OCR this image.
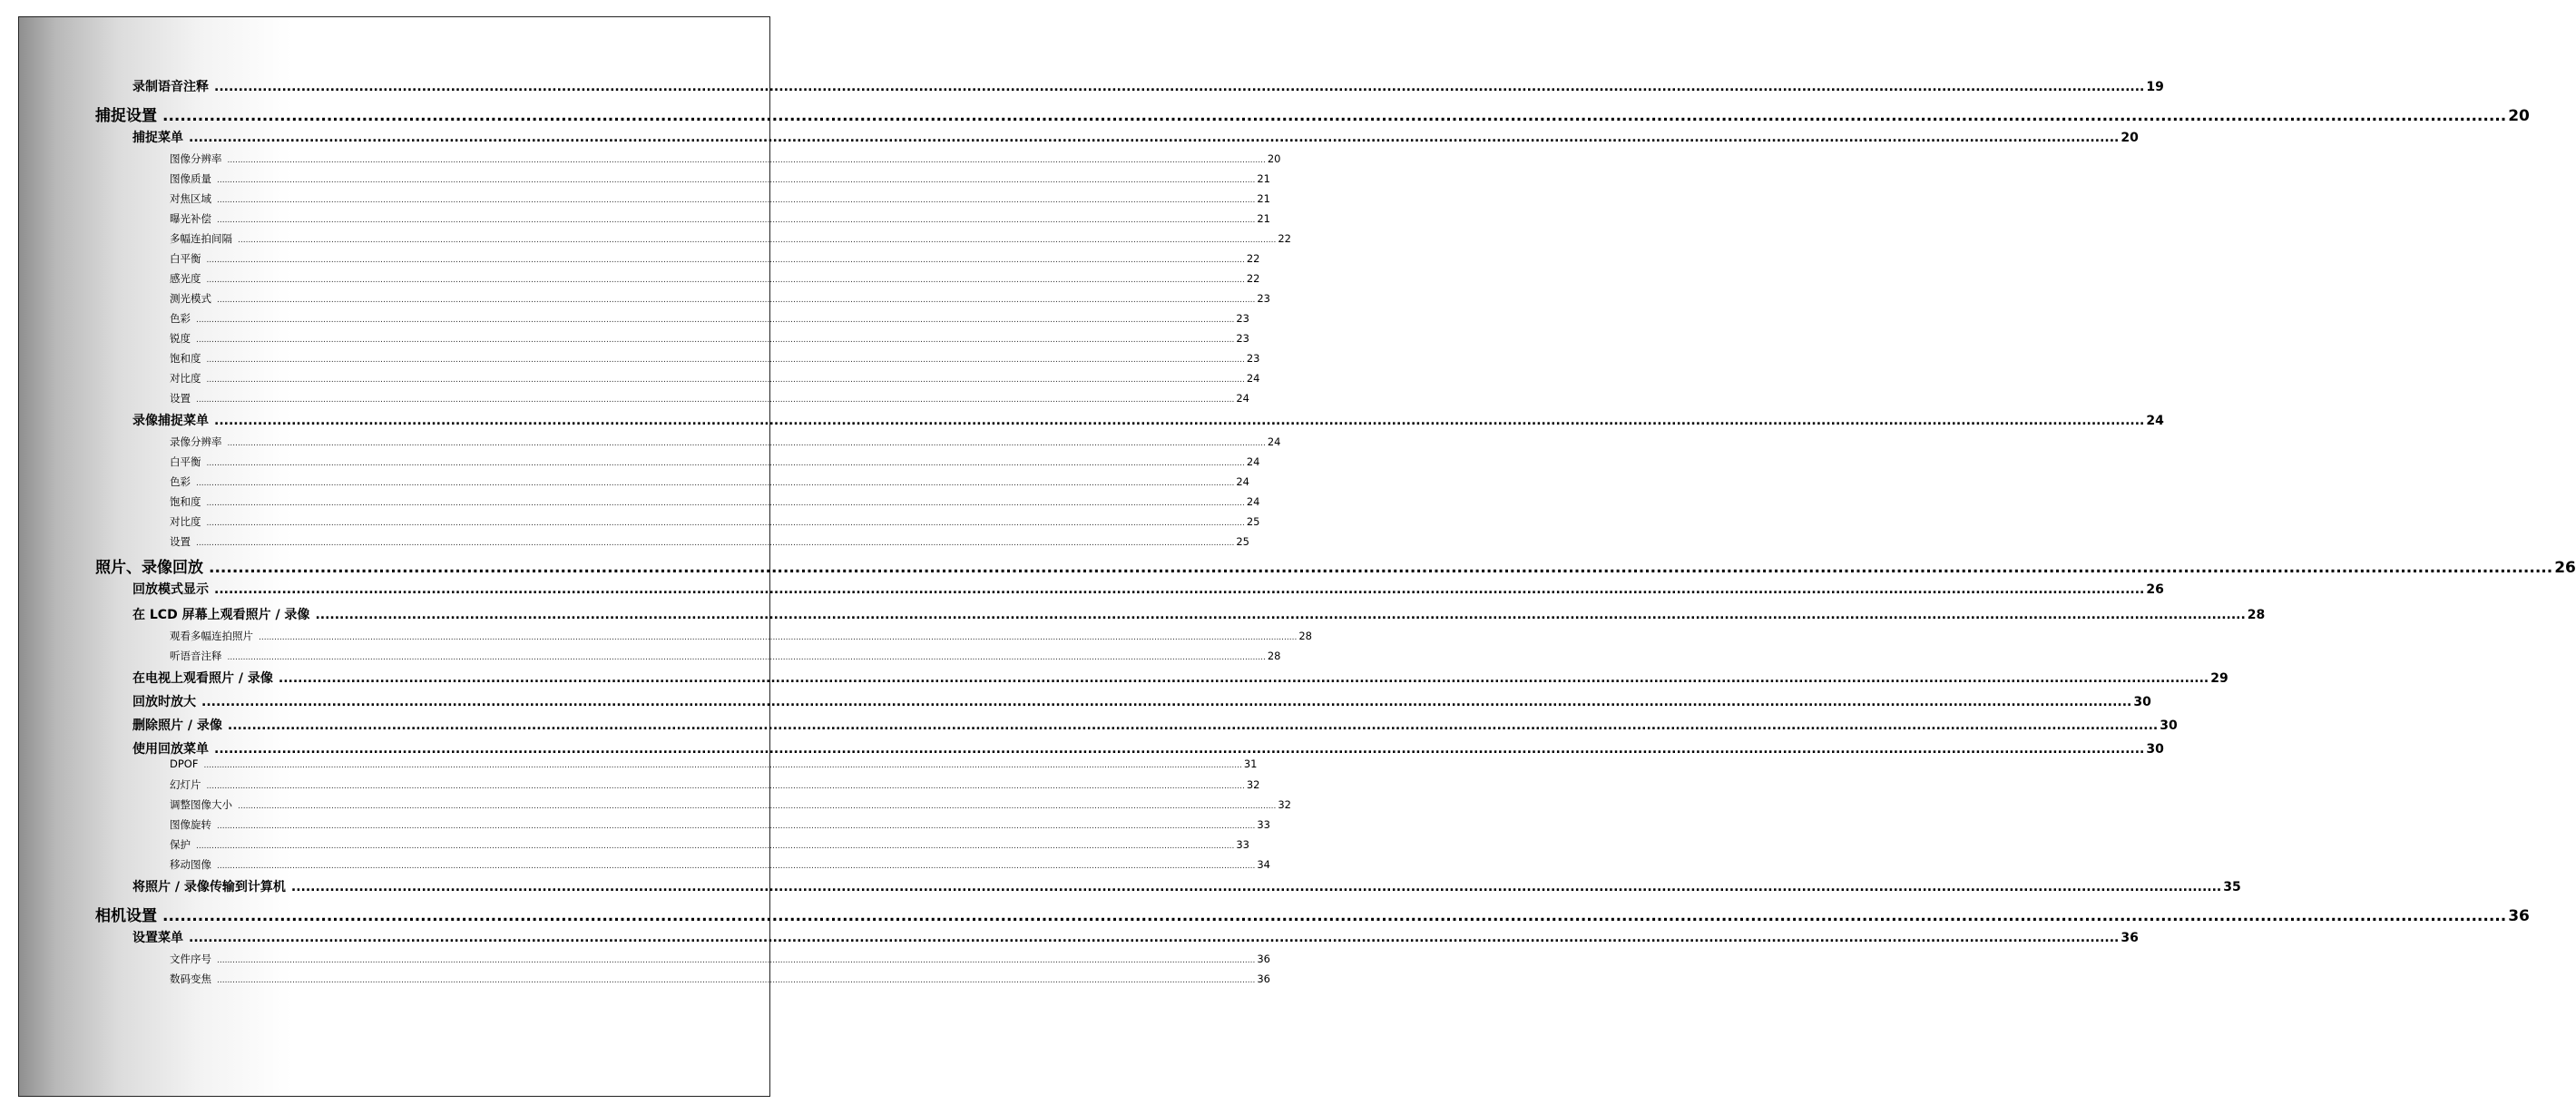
录制语音注释 ................................................................................................................................................................................................................................................................................................................................................................................................................ 19
捕捉设置 ................................................................................................................................................................................................................................................................................................................................................................................................................ 20
捕捉菜单 ................................................................................................................................................................................................................................................................................................................................................................................................................ 20
图像分辨率 ................................................................................................................................................................................................................................................................................................................................................................................................................ 20
图像质量 ................................................................................................................................................................................................................................................................................................................................................................................................................ 21
对焦区域 ................................................................................................................................................................................................................................................................................................................................................................................................................ 21
曝光补偿 ................................................................................................................................................................................................................................................................................................................................................................................................................ 21
多幅连拍间隔 ................................................................................................................................................................................................................................................................................................................................................................................................................ 22
白平衡 ................................................................................................................................................................................................................................................................................................................................................................................................................ 22
感光度 ................................................................................................................................................................................................................................................................................................................................................................................................................ 22
测光模式 ................................................................................................................................................................................................................................................................................................................................................................................................................ 23
色彩 ................................................................................................................................................................................................................................................................................................................................................................................................................ 23
锐度 ................................................................................................................................................................................................................................................................................................................................................................................................................ 23
饱和度 ................................................................................................................................................................................................................................................................................................................................................................................................................ 23
对比度 ................................................................................................................................................................................................................................................................................................................................................................................................................ 24
设置 ................................................................................................................................................................................................................................................................................................................................................................................................................ 24
录像捕捉菜单 ................................................................................................................................................................................................................................................................................................................................................................................................................ 24
录像分辨率 ................................................................................................................................................................................................................................................................................................................................................................................................................ 24
白平衡 ................................................................................................................................................................................................................................................................................................................................................................................................................ 24
色彩 ................................................................................................................................................................................................................................................................................................................................................................................................................ 24
饱和度 ................................................................................................................................................................................................................................................................................................................................................................................................................ 24
对比度 ................................................................................................................................................................................................................................................................................................................................................................................................................ 25
设置 ................................................................................................................................................................................................................................................................................................................................................................................................................ 25
照片、录像回放 ................................................................................................................................................................................................................................................................................................................................................................................................................ 26
回放模式显示 ................................................................................................................................................................................................................................................................................................................................................................................................................ 26
在 LCD 屏幕上观看照片 / 录像 ................................................................................................................................................................................................................................................................................................................................................................................................................ 28
观看多幅连拍照片 ................................................................................................................................................................................................................................................................................................................................................................................................................ 28
听语音注释 ................................................................................................................................................................................................................................................................................................................................................................................................................ 28
在电视上观看照片 / 录像 ................................................................................................................................................................................................................................................................................................................................................................................................................ 29
回放时放大 ................................................................................................................................................................................................................................................................................................................................................................................................................ 30
删除照片 / 录像 ................................................................................................................................................................................................................................................................................................................................................................................................................ 30
使用回放菜单 ................................................................................................................................................................................................................................................................................................................................................................................................................ 30
DPOF ................................................................................................................................................................................................................................................................................................................................................................................................................ 31
幻灯片 ................................................................................................................................................................................................................................................................................................................................................................................................................ 32
调整图像大小 ................................................................................................................................................................................................................................................................................................................................................................................................................ 32
图像旋转 ................................................................................................................................................................................................................................................................................................................................................................................................................ 33
保护 ................................................................................................................................................................................................................................................................................................................................................................................................................ 33
移动图像 ................................................................................................................................................................................................................................................................................................................................................................................................................ 34
将照片 / 录像传输到计算机 ................................................................................................................................................................................................................................................................................................................................................................................................................ 35
相机设置 ................................................................................................................................................................................................................................................................................................................................................................................................................ 36
设置菜单 ................................................................................................................................................................................................................................................................................................................................................................................................................ 36
文件序号 ................................................................................................................................................................................................................................................................................................................................................................................................................ 36
数码变焦 ................................................................................................................................................................................................................................................................................................................................................................................................................ 36
